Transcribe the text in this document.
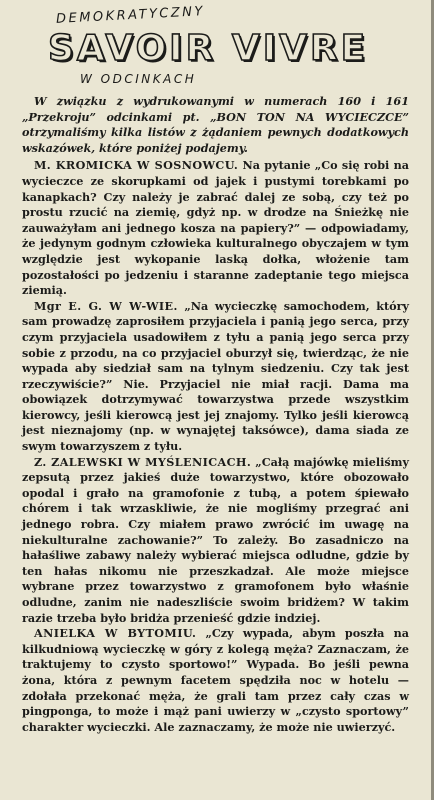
DEMOKRATYCZNY
SAVOIR VIVRE
W ODCINKACH

W związku z wydrukowanymi w numerach 160 i 161 „Przekroju” odcinkami pt. „BON TON NA WYCIECZCE” otrzymaliśmy kilka listów z żądaniem pewnych dodatkowych wskazówek, które poniżej podajemy.

M. KROMICKA W SOSNOWCU. Na pytanie „Co się robi na wycieczce ze skorupkami od jajek i pustymi torebkami po kanapkach? Czy należy je zabrać dalej ze sobą, czy też po prostu rzucić na ziemię, gdyż np. w drodze na Śnieżkę nie zauważyłam ani jednego kosza na papiery?” — odpowiadamy, że jedynym godnym człowieka kulturalnego obyczajem w tym względzie jest wykopanie laską dołka, włożenie tam pozostałości po jedzeniu i staranne zadeptanie tego miejsca ziemią.

Mgr E. G. W W-WIE. „Na wycieczkę samochodem, który sam prowadzę zaprosiłem przyjaciela i panią jego serca, przy czym przyjaciela usadowiłem z tyłu a panią jego serca przy sobie z przodu, na co przyjaciel oburzył się, twierdząc, że nie wypada aby siedział sam na tylnym siedzeniu. Czy tak jest rzeczywiście?” Nie. Przyjaciel nie miał racji. Dama ma obowiązek dotrzymywać towarzystwa przede wszystkim kierowcy, jeśli kierowcą jest jej znajomy. Tylko jeśli kierowcą jest nieznajomy (np. w wynajętej taksówce), dama siada ze swym towarzyszem z tyłu.

Z. ZALEWSKI W MYŚLENICACH. „Całą majówkę mieliśmy zepsutą przez jakieś duże towarzystwo, które obozowało opodal i grało na gramofonie z tubą, a potem śpiewało chórem i tak wrzaskliwie, że nie mogliśmy przegrać ani jednego robra. Czy miałem prawo zwrócić im uwagę na niekulturalne zachowanie?” To zależy. Bo zasadniczo na hałaśliwe zabawy należy wybierać miejsca odludne, gdzie by ten hałas nikomu nie przeszkadzał. Ale może miejsce wybrane przez towarzystwo z gramofonem było właśnie odludne, zanim nie nadeszliście swoim bridżem? W takim razie trzeba było bridża przenieść gdzie indziej.

ANIELKA W BYTOMIU. „Czy wypada, abym poszła na kilkudniową wycieczkę w góry z kolegą męża? Zaznaczam, że traktujemy to czysto sportowo!” Wypada. Bo jeśli pewna żona, która z pewnym facetem spędziła noc w hotelu — zdołała przekonać męża, że grali tam przez cały czas w pingponga, to może i mąż pani uwierzy w „czysto sportowy” charakter wycieczki. Ale zaznaczamy, że może nie uwierzyć.
